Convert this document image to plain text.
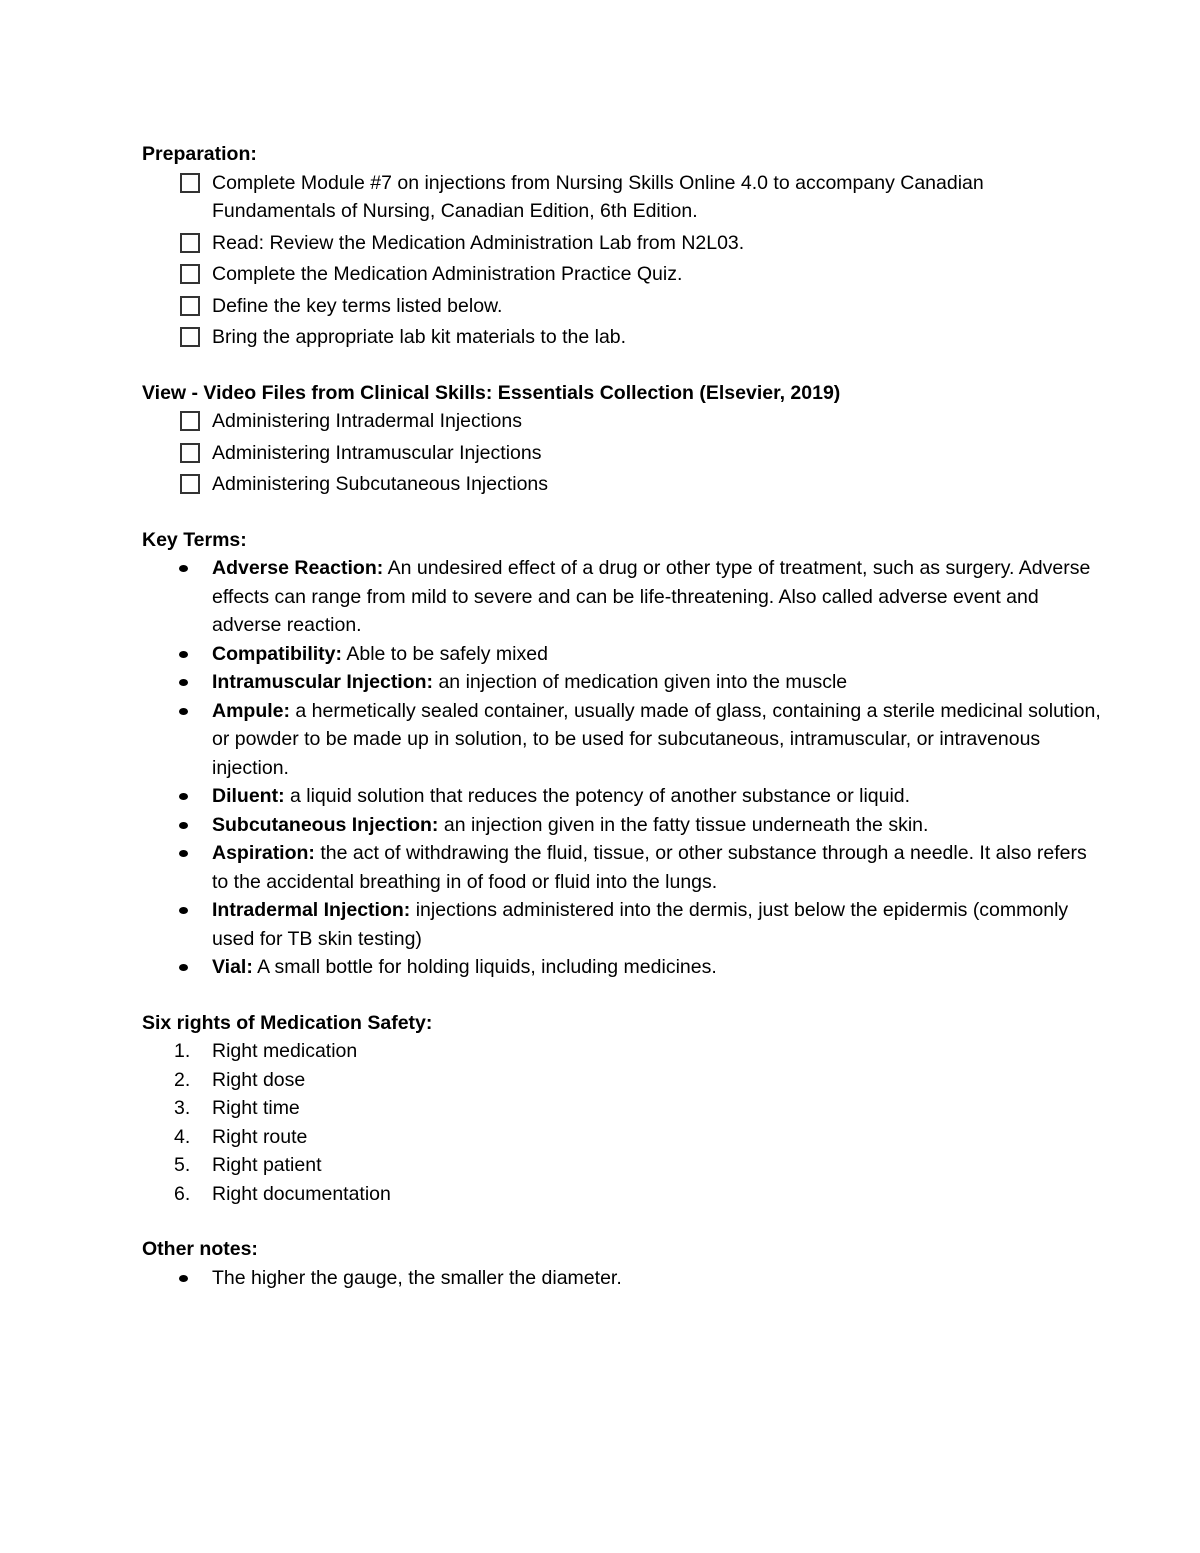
Preparation:
Complete Module #7 on injections from Nursing Skills Online 4.0 to accompany Canadian Fundamentals of Nursing, Canadian Edition, 6th Edition.
Read: Review the Medication Administration Lab from N2L03.
Complete the Medication Administration Practice Quiz.
Define the key terms listed below.
Bring the appropriate lab kit materials to the lab.
View - Video Files from Clinical Skills: Essentials Collection (Elsevier, 2019)
Administering Intradermal Injections
Administering Intramuscular Injections
Administering Subcutaneous Injections
Key Terms:
Adverse Reaction: An undesired effect of a drug or other type of treatment, such as surgery. Adverse effects can range from mild to severe and can be life-threatening. Also called adverse event and adverse reaction.
Compatibility: Able to be safely mixed
Intramuscular Injection: an injection of medication given into the muscle
Ampule: a hermetically sealed container, usually made of glass, containing a sterile medicinal solution, or powder to be made up in solution, to be used for subcutaneous, intramuscular, or intravenous injection.
Diluent: a liquid solution that reduces the potency of another substance or liquid.
Subcutaneous Injection: an injection given in the fatty tissue underneath the skin.
Aspiration: the act of withdrawing the fluid, tissue, or other substance through a needle. It also refers to the accidental breathing in of food or fluid into the lungs.
Intradermal Injection: injections administered into the dermis, just below the epidermis (commonly used for TB skin testing)
Vial: A small bottle for holding liquids, including medicines.
Six rights of Medication Safety:
1. Right medication
2. Right dose
3. Right time
4. Right route
5. Right patient
6. Right documentation
Other notes:
The higher the gauge, the smaller the diameter.
